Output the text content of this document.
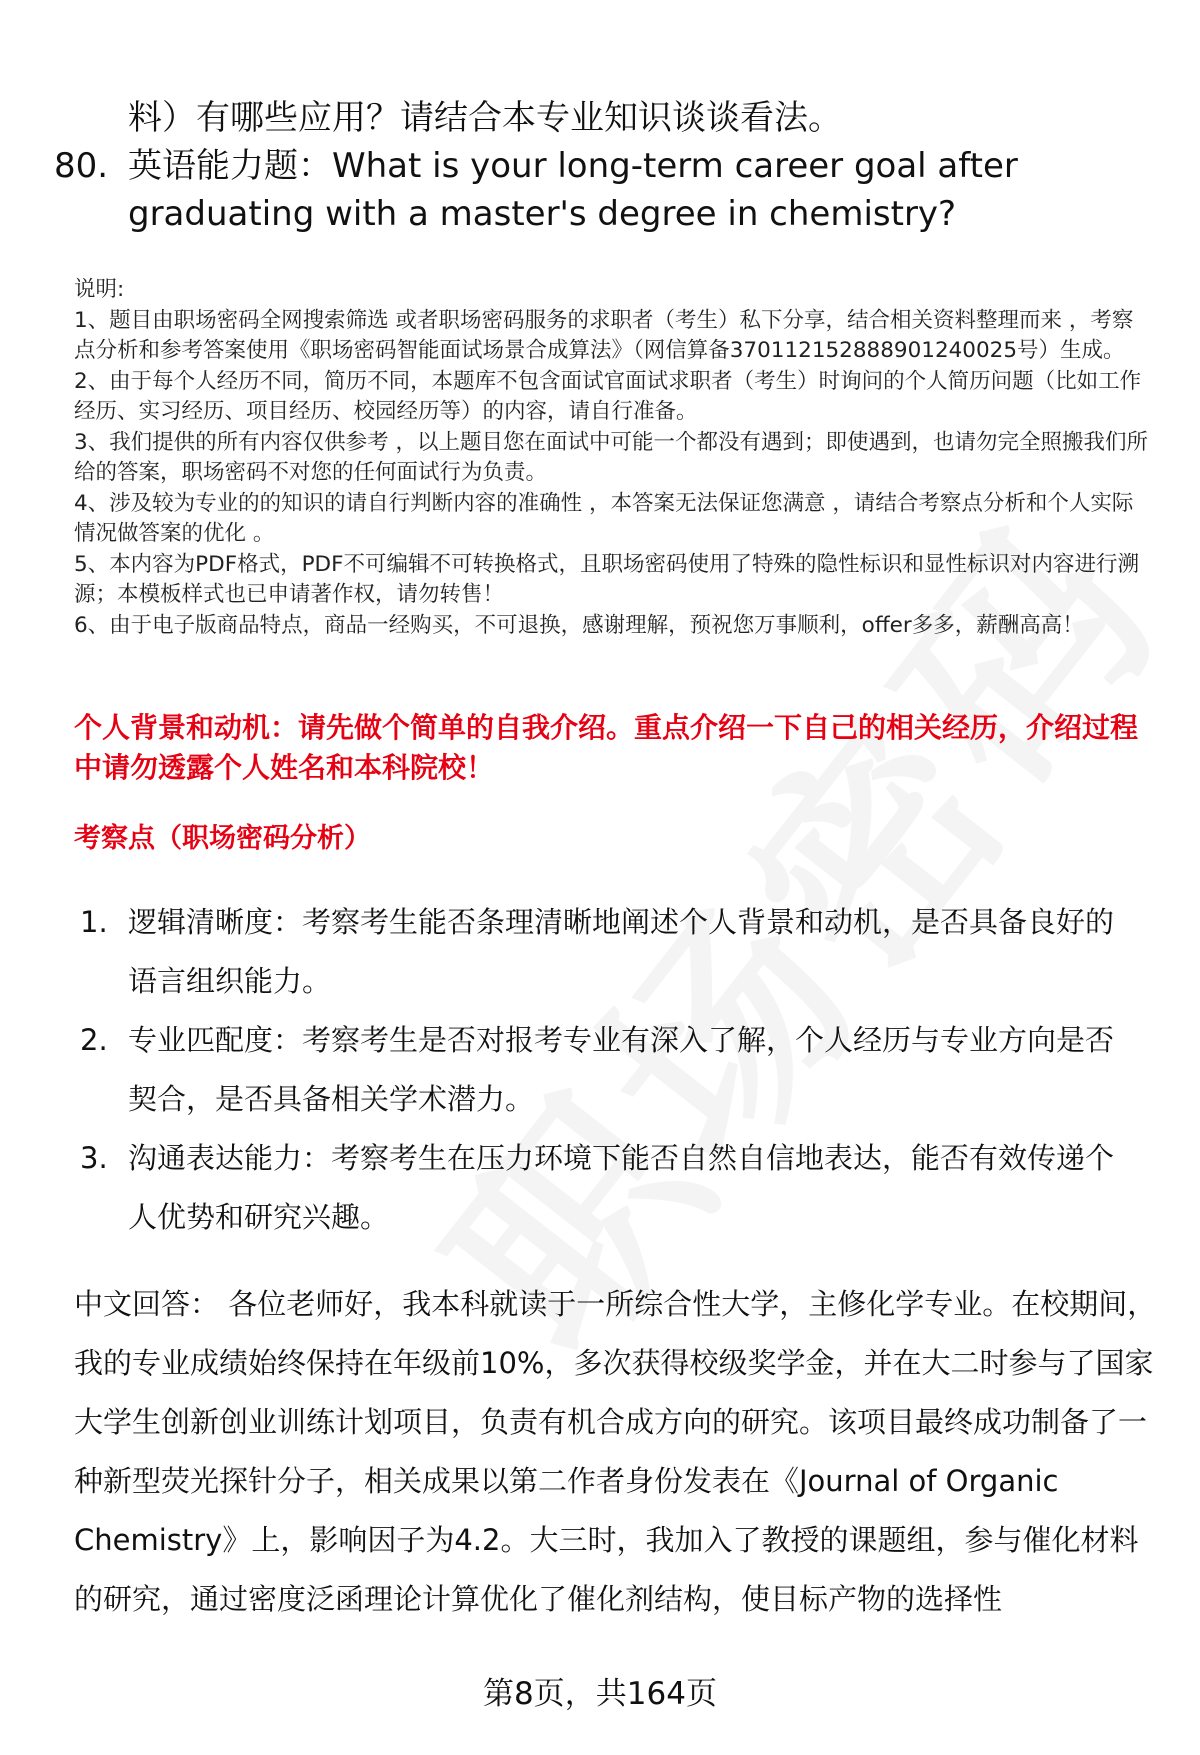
料）有哪些应用？请结合本专业知识谈谈看法。

80. 英语能力题：What is your long-term career goal after graduating with a master's degree in chemistry?

说明:

1、题目由职场密码全网搜索筛选 或者职场密码服务的求职者（考生）私下分享，结合相关资料整理而来 ，考察点分析和参考答案使用《职场密码智能面试场景合成算法》（网信算备370112152888901240025号）生成。

2、由于每个人经历不同，简历不同，本题库不包含面试官面试求职者（考生）时询问的个人简历问题（比如工作经历、实习经历、项目经历、校园经历等）的内容，请自行准备。

3、我们提供的所有内容仅供参考 ，以上题目您在面试中可能一个都没有遇到；即使遇到，也请勿完全照搬我们所给的答案，职场密码不对您的任何面试行为负责。

4、涉及较为专业的的知识的请自行判断内容的准确性 ，本答案无法保证您满意 ，请结合考察点分析和个人实际情况做答案的优化 。

5、本内容为PDF格式，PDF不可编辑不可转换格式，且职场密码使用了特殊的隐性标识和显性标识对内容进行溯源；本模板样式也已申请著作权，请勿转售！

6、由于电子版商品特点，商品一经购买，不可退换，感谢理解，预祝您万事顺利，offer多多，薪酬高高！

个人背景和动机：请先做个简单的自我介绍。重点介绍一下自己的相关经历，介绍过程中请勿透露个人姓名和本科院校！

考察点（职场密码分析）

1. 逻辑清晰度：考察考生能否条理清晰地阐述个人背景和动机，是否具备良好的语言组织能力。
2. 专业匹配度：考察考生是否对报考专业有深入了解，个人经历与专业方向是否契合，是否具备相关学术潜力。
3. 沟通表达能力：考察考生在压力环境下能否自然自信地表达，能否有效传递个人优势和研究兴趣。

中文回答： 各位老师好，我本科就读于一所综合性大学，主修化学专业。在校期间，我的专业成绩始终保持在年级前10%，多次获得校级奖学金，并在大二时参与了国家大学生创新创业训练计划项目，负责有机合成方向的研究。该项目最终成功制备了一种新型荧光探针分子，相关成果以第二作者身份发表在《Journal of Organic Chemistry》上，影响因子为4.2。大三时，我加入了教授的课题组，参与催化材料的研究，通过密度泛函理论计算优化了催化剂结构，使目标产物的选择性

第8页，共164页
